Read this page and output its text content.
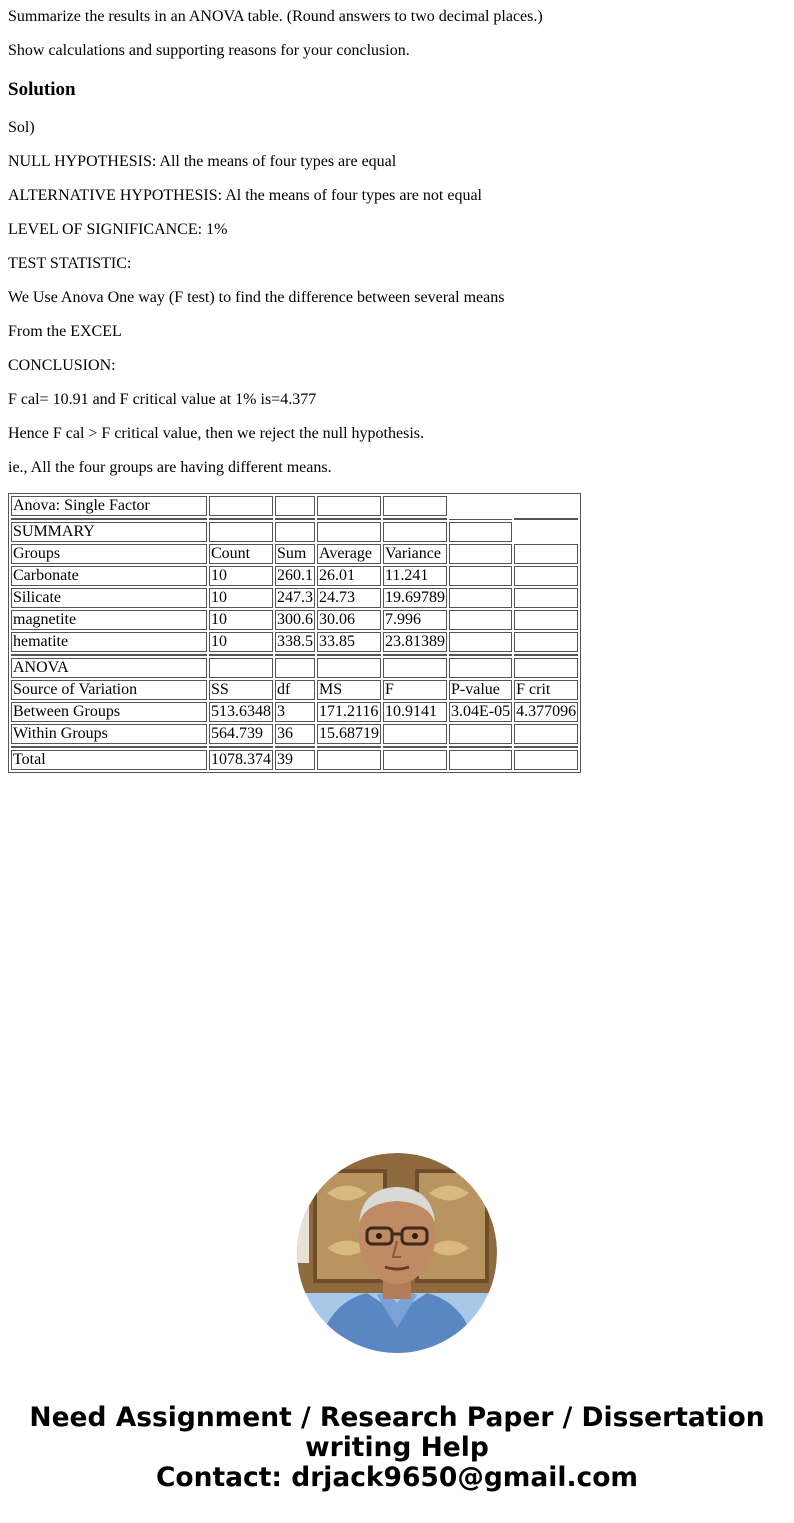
Summarize the results in an ANOVA table. (Round answers to two decimal places.)
Show calculations and supporting reasons for your conclusion.
Solution
Sol)
NULL HYPOTHESIS: All the means of four types are equal
ALTERNATIVE HYPOTHESIS: Al the means of four types are not equal
LEVEL OF SIGNIFICANCE: 1%
TEST STATISTIC:
We Use Anova One way (F test) to find the difference between several means
From the EXCEL
CONCLUSION:
F cal= 10.91 and F critical value at 1% is=4.377
Hence F cal > F critical value, then we reject the null hypothesis.
ie., All the four groups are having different means.
Anova: Single Factor						

SUMMARY						
Groups	Count	Sum	Average	Variance		
Carbonate	10	260.1	26.01	11.241		
Silicate	10	247.3	24.73	19.69789		
magnetite	10	300.6	30.06	7.996		
hematite	10	338.5	33.85	23.81389		

ANOVA						
Source of Variation	SS	df	MS	F	P-value	F crit
Between Groups	513.6348	3	171.2116	10.9141	3.04E-05	4.377096
Within Groups	564.739	36	15.68719			

Total	1078.374	39				
Need Assignment / Research Paper / Dissertation
writing Help
Contact: drjack9650@gmail.com
